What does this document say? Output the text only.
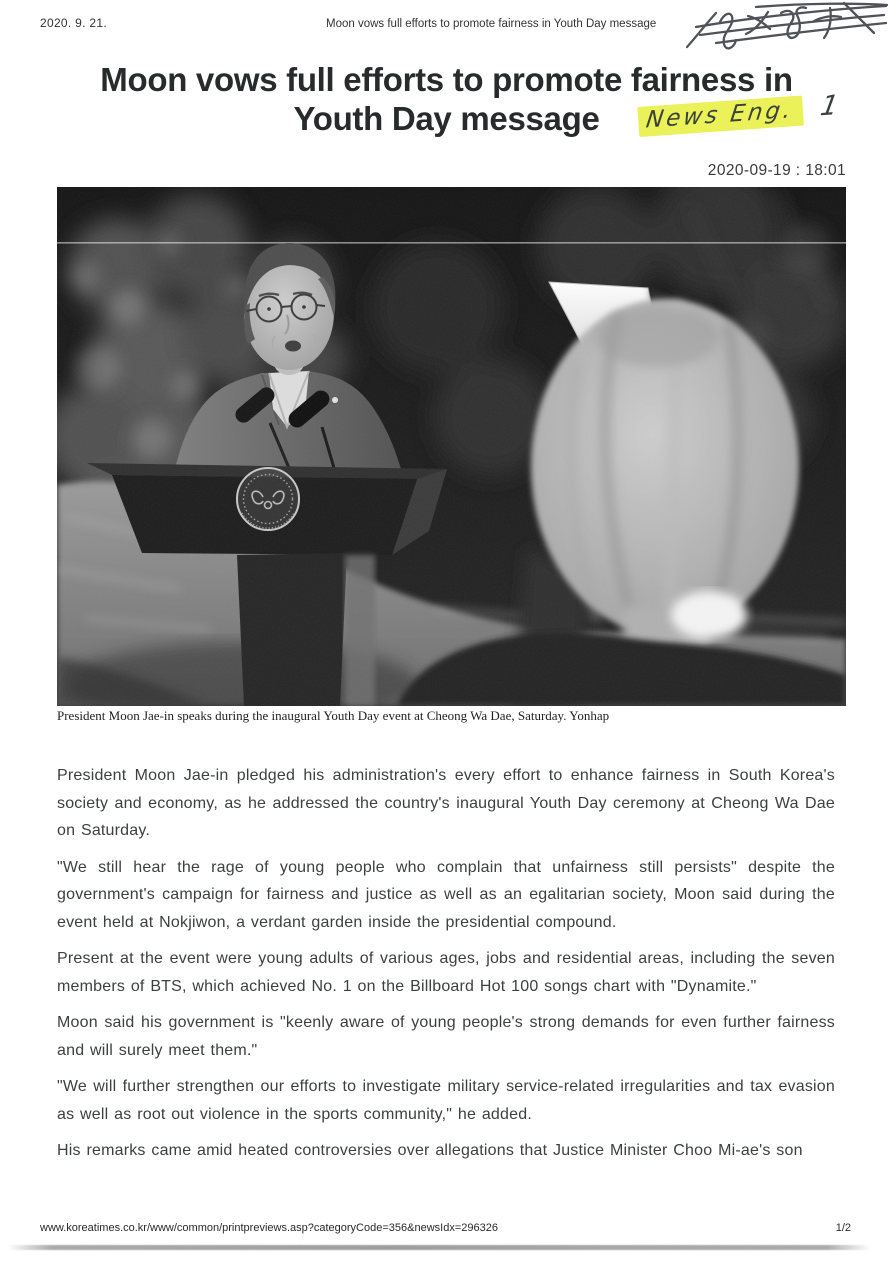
2020. 9. 21.	Moon vows full efforts to promote fairness in Youth Day message
Moon vows full efforts to promote fairness in
Youth Day message	News Eng. 1
2020-09-19 : 18:01
President Moon Jae-in speaks during the inaugural Youth Day event at Cheong Wa Dae, Saturday. Yonhap

President Moon Jae-in pledged his administration's every effort to enhance fairness in South Korea's society and economy, as he addressed the country's inaugural Youth Day ceremony at Cheong Wa Dae on Saturday.

"We still hear the rage of young people who complain that unfairness still persists" despite the government's campaign for fairness and justice as well as an egalitarian society, Moon said during the event held at Nokjiwon, a verdant garden inside the presidential compound.

Present at the event were young adults of various ages, jobs and residential areas, including the seven members of BTS, which achieved No. 1 on the Billboard Hot 100 songs chart with "Dynamite."

Moon said his government is "keenly aware of young people's strong demands for even further fairness and will surely meet them."

"We will further strengthen our efforts to investigate military service-related irregularities and tax evasion as well as root out violence in the sports community," he added.

His remarks came amid heated controversies over allegations that Justice Minister Choo Mi-ae's son

www.koreatimes.co.kr/www/common/printpreviews.asp?categoryCode=356&newsIdx=296326	1/2
